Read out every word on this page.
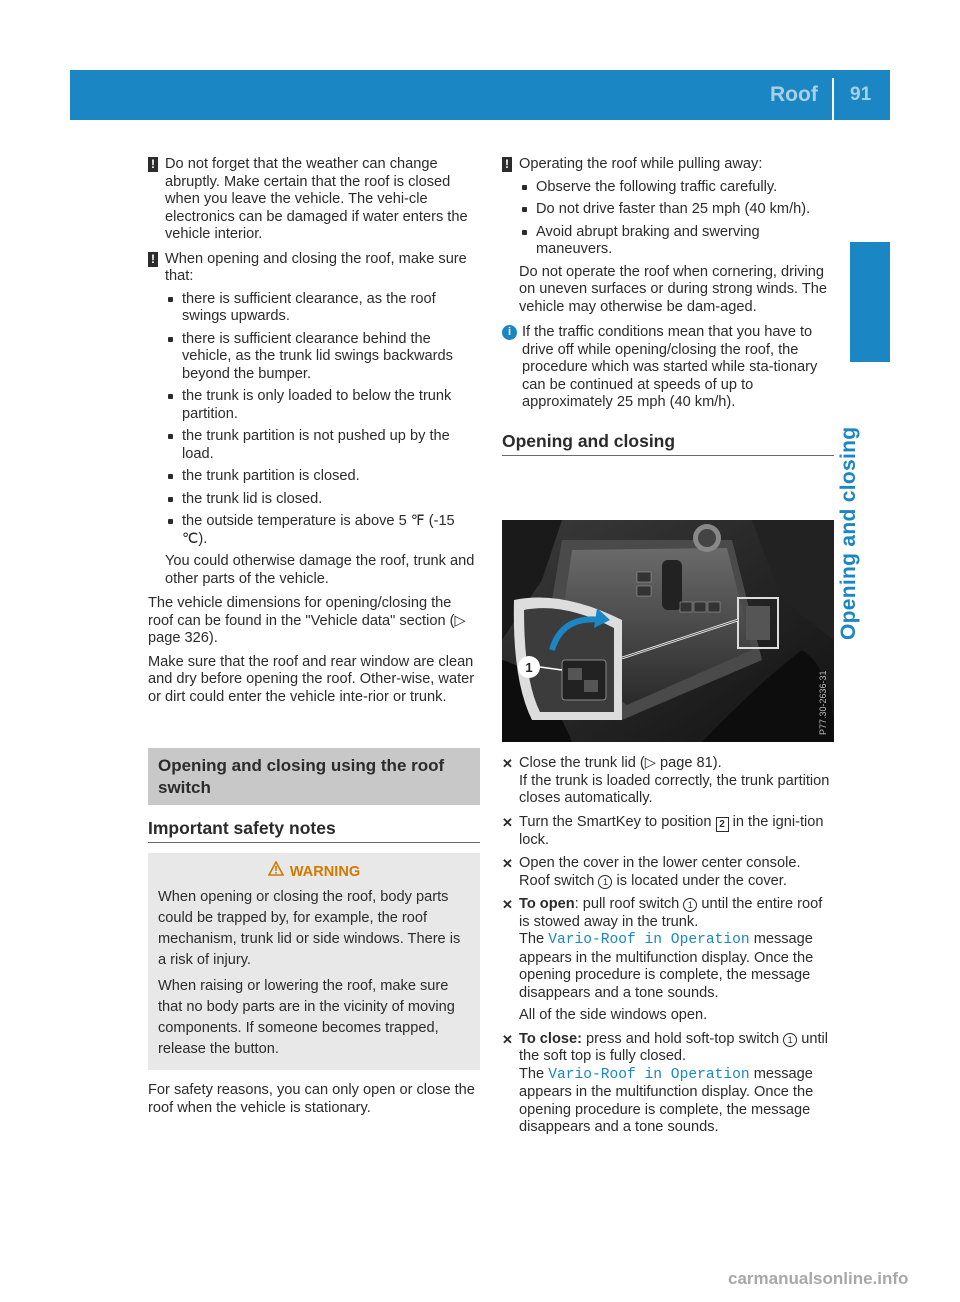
Roof 91
Opening and closing
! Do not forget that the weather can change abruptly. Make certain that the roof is closed when you leave the vehicle. The vehi-cle electronics can be damaged if water enters the vehicle interior.

! When opening and closing the roof, make sure that:

there is sufficient clearance, as the roof swings upwards.
there is sufficient clearance behind the vehicle, as the trunk lid swings backwards beyond the bumper.
the trunk is only loaded to below the trunk partition.
the trunk partition is not pushed up by the load.
the trunk partition is closed.
the trunk lid is closed.
the outside temperature is above 5 ℉ (‑15 ℃).

You could otherwise damage the roof, trunk and other parts of the vehicle.

The vehicle dimensions for opening/closing the roof can be found in the "Vehicle data" section (▷ page 326).

Make sure that the roof and rear window are clean and dry before opening the roof. Other-wise, water or dirt could enter the vehicle inte-rior or trunk.

Opening and closing using the roof switch
Important safety notes
WARNING

When opening or closing the roof, body parts could be trapped by, for example, the roof mechanism, trunk lid or side windows. There is a risk of injury.

When raising or lowering the roof, make sure that no body parts are in the vicinity of moving components. If someone becomes trapped, release the button.

For safety reasons, you can only open or close the roof when the vehicle is stationary.

! Operating the roof while pulling away:

Observe the following traffic carefully.
Do not drive faster than 25 mph (40 km/h).
Avoid abrupt braking and swerving maneuvers.

Do not operate the roof when cornering, driving on uneven surfaces or during strong winds. The vehicle may otherwise be dam-aged.

i If the traffic conditions mean that you have to drive off while opening/closing the roof, the procedure which was started while sta-tionary can be continued at speeds of up to approximately 25 mph (40 km/h).

Opening and closing
1
P77.30-2636-31
✕ Close the trunk lid (▷ page 81).

If the trunk is loaded correctly, the trunk partition closes automatically.

✕ Turn the SmartKey to position 2 in the igni-tion lock.

✕ Open the cover in the lower center console. Roof switch 1 is located under the cover.

✕ To open: pull roof switch 1 until the entire roof is stowed away in the trunk.

The Vario-Roof in Operation message appears in the multifunction display. Once the opening procedure is complete, the message disappears and a tone sounds.

All of the side windows open.

✕ To close: press and hold soft-top switch 1 until the soft top is fully closed.

The Vario-Roof in Operation message appears in the multifunction display. Once the opening procedure is complete, the message disappears and a tone sounds.

carmanualsonline.info
